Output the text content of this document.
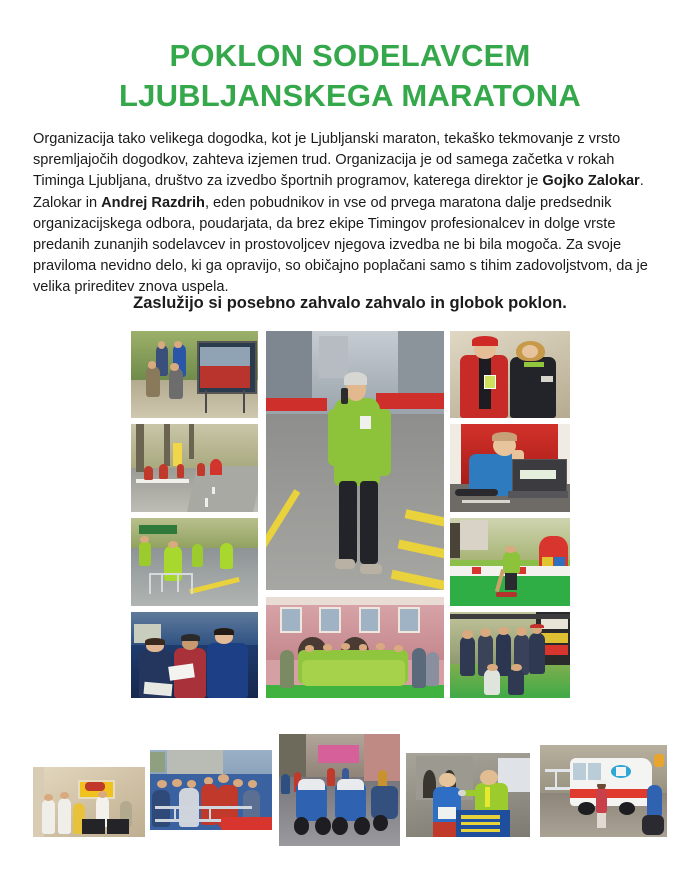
POKLON SODELAVCEM
LJUBLJANSKEGA MARATONA
Organizacija tako velikega dogodka, kot je Ljubljanski maraton, tekaško tekmovanje z vrsto spremljajočih dogodkov, zahteva izjemen trud. Organizacija je od samega začetka v rokah Timinga Ljubljana, društvo za izvedbo športnih programov, katerega direktor je Gojko Zalokar. Zalokar in Andrej Razdrih, eden pobudnikov in vse od prvega maratona dalje predsednik organizacijskega odbora, poudarjata, da brez ekipe Timingov profesionalcev in dolge vrste predanih zunanjih sodelavcev in prostovoljcev njegova izvedba ne bi bila mogoča. Za svoje praviloma nevidno delo, ki ga opravijo, so običajno poplačani samo s tihim zadovoljstvom, da je velika prireditev znova uspela.
Zaslužijo si posebno zahvalo zahvalo in globok poklon.
